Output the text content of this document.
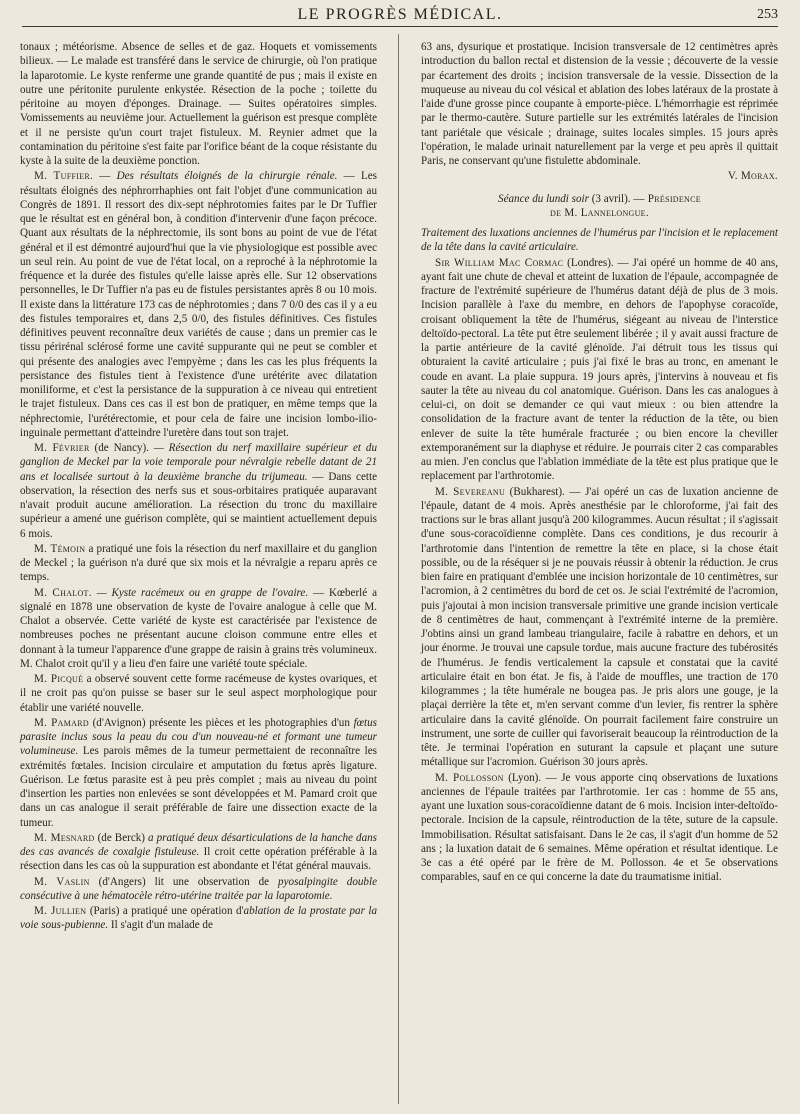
LE PROGRÈS MÉDICAL.	253

tonaux ; météorisme. Absence de selles et de gaz. Hoquets et vomissements bilieux. — Le malade est transféré dans le service de chirurgie, où l'on pratique la laparotomie. Le kyste renferme une grande quantité de pus ; mais il existe en outre une péritonite purulente enkystée. Résection de la poche ; toilette du péritoine au moyen d'éponges. Drainage. — Suites opératoires simples. Vomissements au neuvième jour. Actuellement la guérison est presque complète et il ne persiste qu'un court trajet fistuleux. M. Reynier admet que la contamination du péritoine s'est faite par l'orifice béant de la coque résistante du kyste à la suite de la deuxième ponction.

M. Tuffier. — Des résultats éloignés de la chirurgie rénale. — Les résultats éloignés des néphrorrhaphies ont fait l'objet d'une communication au Congrès de 1891. Il ressort des dix-sept néphrotomies faites par le Dr Tuffier que le résultat est en général bon, à condition d'intervenir d'une façon précoce. Quant aux résultats de la néphrectomie, ils sont bons au point de vue de l'état général et il est démontré aujourd'hui que la vie physiologique est possible avec un seul rein. Au point de vue de l'état local, on a reproché à la néphrotomie la fréquence et la durée des fistules qu'elle laisse après elle. Sur 12 observations personnelles, le Dr Tuffier n'a pas eu de fistules persistantes après 8 ou 10 mois. Il existe dans la littérature 173 cas de néphrotomies ; dans 7 0/0 des cas il y a eu des fistules temporaires et, dans 2,5 0/0, des fistules définitives. Ces fistules définitives peuvent reconnaître deux variétés de cause ; dans un premier cas le tissu périrénal sclérosé forme une cavité suppurante qui ne peut se combler et qui présente des analogies avec l'empyème ; dans les cas les plus fréquents la persistance des fistules tient à l'existence d'une urétérite avec dilatation moniliforme, et c'est la persistance de la suppuration à ce niveau qui entretient le trajet fistuleux. Dans ces cas il est bon de pratiquer, en même temps que la néphrectomie, l'urétérectomie, et pour cela de faire une incision lombo-ilio-inguinale permettant d'atteindre l'uretère dans tout son trajet.

M. Février (de Nancy). — Résection du nerf maxillaire supérieur et du ganglion de Meckel par la voie temporale pour névralgie rebelle datant de 21 ans et localisée surtout à la deuxième branche du trijumeau. — Dans cette observation, la résection des nerfs sus et sous-orbitaires pratiquée auparavant n'avait produit aucune amélioration. La résection du tronc du maxillaire supérieur a amené une guérison complète, qui se maintient actuellement depuis 6 mois.

M. Témoin a pratiqué une fois la résection du nerf maxillaire et du ganglion de Meckel ; la guérison n'a duré que six mois et la névralgie a reparu après ce temps.

M. Chalot. — Kyste racémeux ou en grappe de l'ovaire. — Kœberlé a signalé en 1878 une observation de kyste de l'ovaire analogue à celle que M. Chalot a observée. Cette variété de kyste est caractérisée par l'existence de nombreuses poches ne présentant aucune cloison commune entre elles et donnant à la tumeur l'apparence d'une grappe de raisin à grains très volumineux. M. Chalot croit qu'il y a lieu d'en faire une variété toute spéciale.

M. Picqué a observé souvent cette forme racémeuse de kystes ovariques, et il ne croit pas qu'on puisse se baser sur le seul aspect morphologique pour établir une variété nouvelle.

M. Pamard (d'Avignon) présente les pièces et les photographies d'un fœtus parasite inclus sous la peau du cou d'un nouveau-né et formant une tumeur volumineuse. Les parois mêmes de la tumeur permettaient de reconnaître les extrémités fœtales. Incision circulaire et amputation du fœtus après ligature. Guérison. Le fœtus parasite est à peu près complet ; mais au niveau du point d'insertion les parties non enlevées se sont développées et M. Pamard croit que dans un cas analogue il serait préférable de faire une dissection exacte de la tumeur.

M. Mesnard (de Berck) a pratiqué deux désarticulations de la hanche dans des cas avancés de coxalgie fistuleuse. Il croit cette opération préférable à la résection dans les cas où la suppuration est abondante et l'état général mauvais.

M. Vaslin (d'Angers) lit une observation de pyosalpingite double consécutive à une hématocèle rétro-utérine traitée par la laparotomie.

M. Jullien (Paris) a pratiqué une opération d'ablation de la prostate par la voie sous-pubienne. Il s'agit d'un malade de

63 ans, dysurique et prostatique. Incision transversale de 12 centimètres après introduction du ballon rectal et distension de la vessie ; découverte de la vessie par écartement des droits ; incision transversale de la vessie. Dissection de la muqueuse au niveau du col vésical et ablation des lobes latéraux de la prostate à l'aide d'une grosse pince coupante à emporte-pièce. L'hémorrhagie est réprimée par le thermo-cautère. Suture partielle sur les extrémités latérales de l'incision tant pariétale que vésicale ; drainage, suites locales simples. 15 jours après l'opération, le malade urinait naturellement par la verge et peu après il quittait Paris, ne conservant qu'une fistulette abdominale.

V. Morax.

Séance du lundi soir (3 avril). — Présidence
de M. Lannelongue.

Traitement des luxations anciennes de l'humérus par l'incision et le replacement de la tête dans la cavité articulaire.

Sir William Mac Cormac (Londres). — J'ai opéré un homme de 40 ans, ayant fait une chute de cheval et atteint de luxation de l'épaule, accompagnée de fracture de l'extrémité supérieure de l'humérus datant déjà de plus de 3 mois. Incision parallèle à l'axe du membre, en dehors de l'apophyse coracoïde, croisant obliquement la tête de l'humérus, siégeant au niveau de l'interstice deltoïdo-pectoral. La tête put être seulement libérée ; il y avait aussi fracture de la partie antérieure de la cavité glénoïde. J'ai détruit tous les tissus qui obturaient la cavité articulaire ; puis j'ai fixé le bras au tronc, en amenant le coude en avant. La plaie suppura. 19 jours après, j'intervins à nouveau et fis sauter la tête au niveau du col anatomique. Guérison. Dans les cas analogues à celui-ci, on doit se demander ce qui vaut mieux : ou bien attendre la consolidation de la fracture avant de tenter la réduction de la tête, ou bien enlever de suite la tête humérale fracturée ; ou bien encore la cheviller extemporanément sur la diaphyse et réduire. Je pourrais citer 2 cas comparables au mien. J'en conclus que l'ablation immédiate de la tête est plus pratique que le replacement par l'arthrotomie.

M. Severeanu (Bukharest). — J'ai opéré un cas de luxation ancienne de l'épaule, datant de 4 mois. Après anesthésie par le chloroforme, j'ai fait des tractions sur le bras allant jusqu'à 200 kilogrammes. Aucun résultat ; il s'agissait d'une sous-coracoïdienne complète. Dans ces conditions, je dus recourir à l'arthrotomie dans l'intention de remettre la tête en place, si la chose était possible, ou de la réséquer si je ne pouvais réussir à obtenir la réduction. Je crus bien faire en pratiquant d'emblée une incision horizontale de 10 centimètres, sur l'acromion, à 2 centimètres du bord de cet os. Je sciai l'extrémité de l'acromion, puis j'ajoutai à mon incision transversale primitive une grande incision verticale de 8 centimètres de haut, commençant à l'extrémité interne de la première. J'obtins ainsi un grand lambeau triangulaire, facile à rabattre en dehors, et un jour énorme. Je trouvai une capsule tordue, mais aucune fracture des tubérosités de l'humérus. Je fendis verticalement la capsule et constatai que la cavité articulaire était en bon état. Je fis, à l'aide de mouffles, une traction de 170 kilogrammes ; la tête humérale ne bougea pas. Je pris alors une gouge, je la plaçai derrière la tête et, m'en servant comme d'un levier, fis rentrer la sphère articulaire dans la cavité glénoïde. On pourrait facilement faire construire un instrument, une sorte de cuiller qui favoriserait beaucoup la réintroduction de la tête. Je terminai l'opération en suturant la capsule et plaçant une suture métallique sur l'acromion. Guérison 30 jours après.

M. Pollosson (Lyon). — Je vous apporte cinq observations de luxations anciennes de l'épaule traitées par l'arthrotomie. 1er cas : homme de 55 ans, ayant une luxation sous-coracoïdienne datant de 6 mois. Incision inter-deltoïdo-pectorale. Incision de la capsule, réintroduction de la tête, suture de la capsule. Immobilisation. Résultat satisfaisant. Dans le 2e cas, il s'agit d'un homme de 52 ans ; la luxation datait de 6 semaines. Même opération et résultat identique. Le 3e cas a été opéré par le frère de M. Pollosson. 4e et 5e observations comparables, sauf en ce qui concerne la date du traumatisme initial.
